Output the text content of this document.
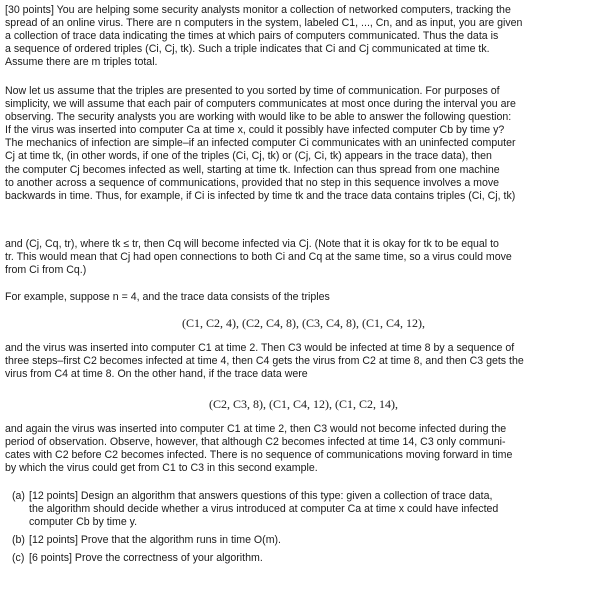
[30 points] You are helping some security analysts monitor a collection of networked computers, tracking the
spread of an online virus. There are n computers in the system, labeled C1, ..., Cn, and as input, you are given
a collection of trace data indicating the times at which pairs of computers communicated. Thus the data is
a sequence of ordered triples (Ci, Cj, tk). Such a triple indicates that Ci and Cj communicated at time tk.
Assume there are m triples total.

Now let us assume that the triples are presented to you sorted by time of communication. For purposes of
simplicity, we will assume that each pair of computers communicates at most once during the interval you are
observing. The security analysts you are working with would like to be able to answer the following question:
If the virus was inserted into computer Ca at time x, could it possibly have infected computer Cb by time y?
The mechanics of infection are simple–if an infected computer Ci communicates with an uninfected computer
Cj at time tk, (in other words, if one of the triples (Ci, Cj, tk) or (Cj, Ci, tk) appears in the trace data), then
the computer Cj becomes infected as well, starting at time tk. Infection can thus spread from one machine
to another across a sequence of communications, provided that no step in this sequence involves a move
backwards in time. Thus, for example, if Ci is infected by time tk and the trace data contains triples (Ci, Cj, tk)

and (Cj, Cq, tr), where tk ≤ tr, then Cq will become infected via Cj. (Note that it is okay for tk to be equal to
tr. This would mean that Cj had open connections to both Ci and Cq at the same time, so a virus could move
from Ci from Cq.)

For example, suppose n = 4, and the trace data consists of the triples

(C1, C2, 4), (C2, C4, 8), (C3, C4, 8), (C1, C4, 12),

and the virus was inserted into computer C1 at time 2. Then C3 would be infected at time 8 by a sequence of
three steps–first C2 becomes infected at time 4, then C4 gets the virus from C2 at time 8, and then C3 gets the
virus from C4 at time 8. On the other hand, if the trace data were

(C2, C3, 8), (C1, C4, 12), (C1, C2, 14),

and again the virus was inserted into computer C1 at time 2, then C3 would not become infected during the
period of observation. Observe, however, that although C2 becomes infected at time 14, C3 only communi-
cates with C2 before C2 becomes infected. There is no sequence of communications moving forward in time
by which the virus could get from C1 to C3 in this second example.

(a) [12 points] Design an algorithm that answers questions of this type: given a collection of trace data,
the algorithm should decide whether a virus introduced at computer Ca at time x could have infected
computer Cb by time y.
(b) [12 points] Prove that the algorithm runs in time O(m).
(c) [6 points] Prove the correctness of your algorithm.
